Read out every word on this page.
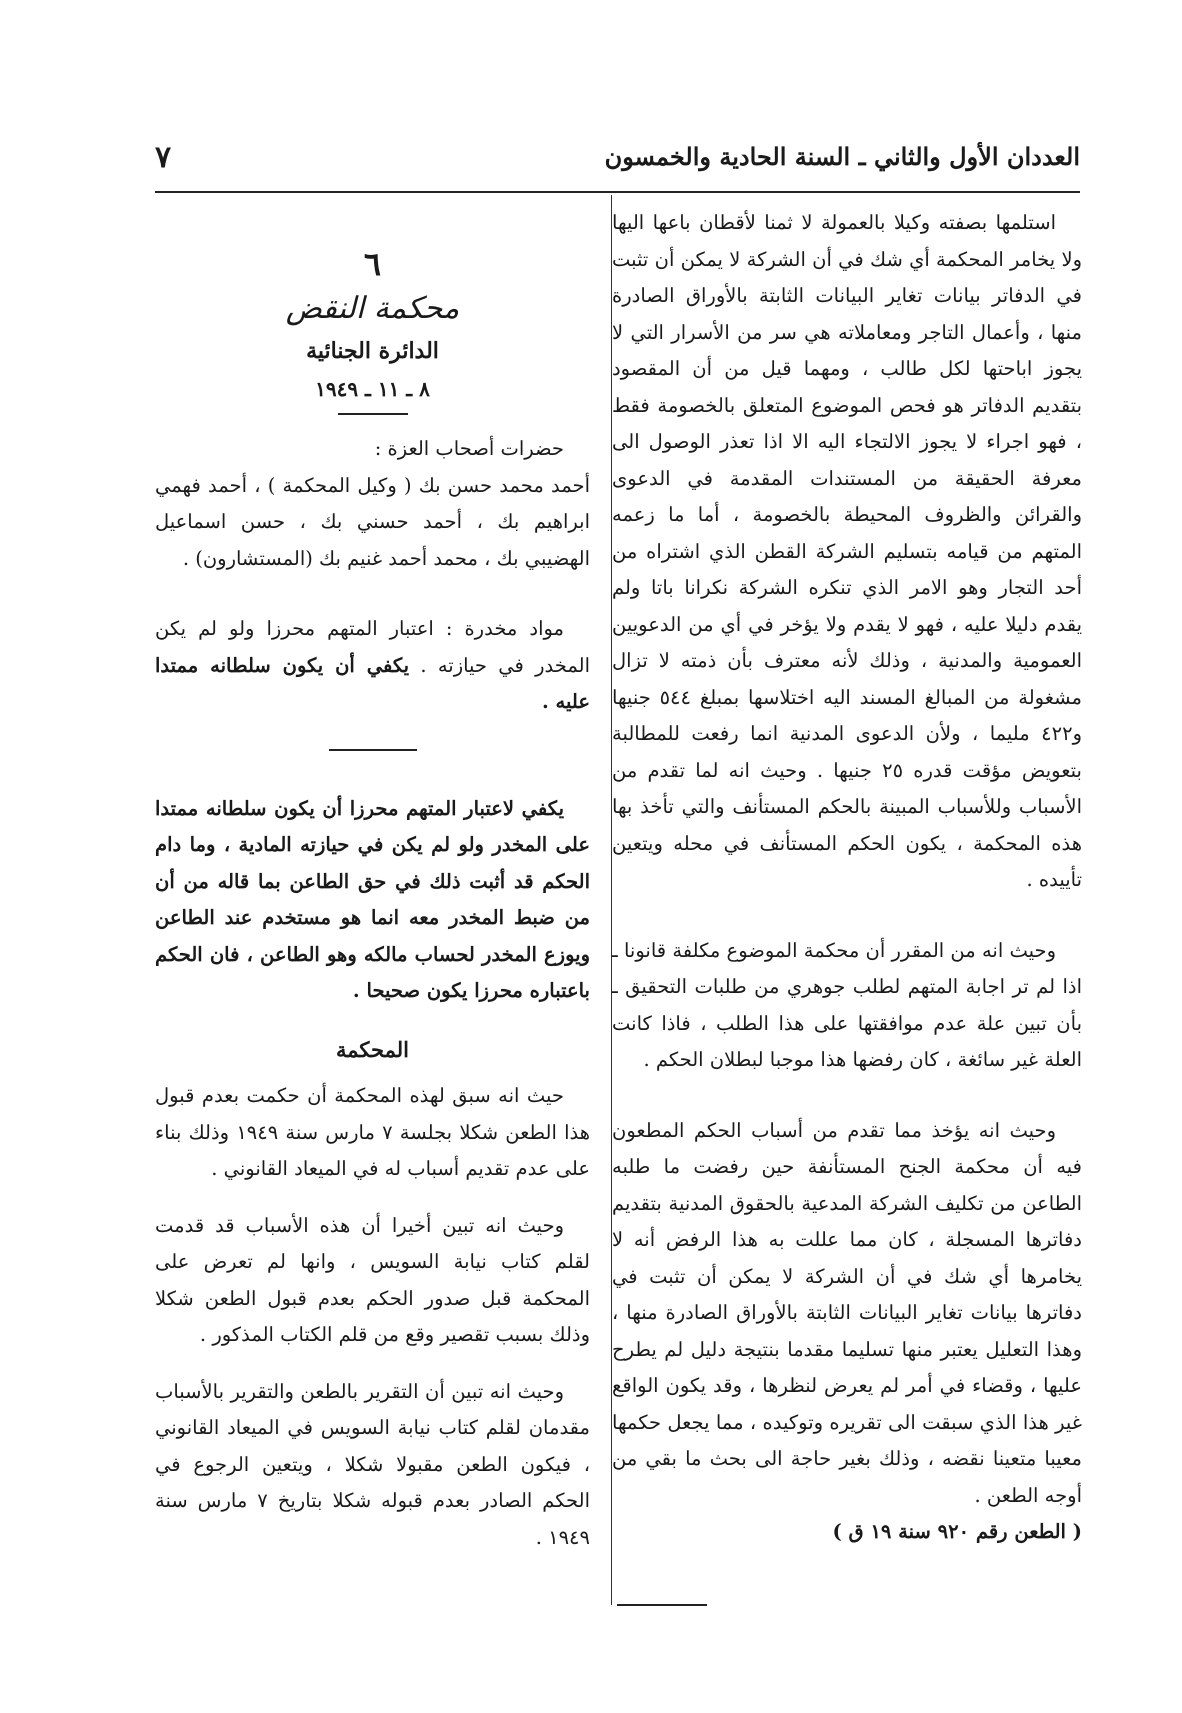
العددان الأول والثاني ـ السنة الحادية والخمسون
٧

استلمها بصفته وكيلا بالعمولة لا ثمنا لأقطان باعها اليها ولا يخامر المحكمة أي شك في أن الشركة لا يمكن أن تثبت في الدفاتر بيانات تغاير البيانات الثابتة بالأوراق الصادرة منها ، وأعمال التاجر ومعاملاته هي سر من الأسرار التي لا يجوز اباحتها لكل طالب ، ومهما قيل من أن المقصود بتقديم الدفاتر هو فحص الموضوع المتعلق بالخصومة فقط ، فهو اجراء لا يجوز الالتجاء اليه الا اذا تعذر الوصول الى معرفة الحقيقة من المستندات المقدمة في الدعوى والقرائن والظروف المحيطة بالخصومة ، أما ما زعمه المتهم من قيامه بتسليم الشركة القطن الذي اشتراه من أحد التجار وهو الامر الذي تنكره الشركة نكرانا باتا ولم يقدم دليلا عليه ، فهو لا يقدم ولا يؤخر في أي من الدعويين العمومية والمدنية ، وذلك لأنه معترف بأن ذمته لا تزال مشغولة من المبالغ المسند اليه اختلاسها بمبلغ ٥٤٤ جنيها و٤٢٢ مليما ، ولأن الدعوى المدنية انما رفعت للمطالبة بتعويض مؤقت قدره ٢٥ جنيها . وحيث انه لما تقدم من الأسباب وللأسباب المبينة بالحكم المستأنف والتي تأخذ بها هذه المحكمة ، يكون الحكم المستأنف في محله ويتعين تأييده .

وحيث انه من المقرر أن محكمة الموضوع مكلفة قانونا ـ اذا لم تر اجابة المتهم لطلب جوهري من طلبات التحقيق ـ بأن تبين علة عدم موافقتها على هذا الطلب ، فاذا كانت العلة غير سائغة ، كان رفضها هذا موجبا لبطلان الحكم .

وحيث انه يؤخذ مما تقدم من أسباب الحكم المطعون فيه أن محكمة الجنح المستأنفة حين رفضت ما طلبه الطاعن من تكليف الشركة المدعية بالحقوق المدنية بتقديم دفاترها المسجلة ، كان مما عللت به هذا الرفض أنه لا يخامرها أي شك في أن الشركة لا يمكن أن تثبت في دفاترها بيانات تغاير البيانات الثابتة بالأوراق الصادرة منها ، وهذا التعليل يعتبر منها تسليما مقدما بنتيجة دليل لم يطرح عليها ، وقضاء في أمر لم يعرض لنظرها ، وقد يكون الواقع غير هذا الذي سبقت الى تقريره وتوكيده ، مما يجعل حكمها معيبا متعينا نقضه ، وذلك بغير حاجة الى بحث ما بقي من أوجه الطعن .

( الطعن رقم ٩٢٠ سنة ١٩ ق )

٦
محكمة النقض
الدائرة الجنائية
٨ ـ ١١ ـ ١٩٤٩

حضرات أصحاب العزة :

أحمد محمد حسن بك ( وكيل المحكمة ) ، أحمد فهمي ابراهيم بك ، أحمد حسني بك ، حسن اسماعيل الهضيبي بك ، محمد أحمد غنيم بك (المستشارون) .

مواد مخدرة : اعتبار المتهم محرزا ولو لم يكن المخدر في حيازته . يكفي أن يكون سلطانه ممتدا عليه .

يكفي لاعتبار المتهم محرزا أن يكون سلطانه ممتدا على المخدر ولو لم يكن في حيازته المادية ، وما دام الحكم قد أثبت ذلك في حق الطاعن بما قاله من أن من ضبط المخدر معه انما هو مستخدم عند الطاعن ويوزع المخدر لحساب مالكه وهو الطاعن ، فان الحكم باعتباره محرزا يكون صحيحا .

المحكمة

حيث انه سبق لهذه المحكمة أن حكمت بعدم قبول هذا الطعن شكلا بجلسة ٧ مارس سنة ١٩٤٩ وذلك بناء على عدم تقديم أسباب له في الميعاد القانوني .

وحيث انه تبين أخيرا أن هذه الأسباب قد قدمت لقلم كتاب نيابة السويس ، وانها لم تعرض على المحكمة قبل صدور الحكم بعدم قبول الطعن شكلا وذلك بسبب تقصير وقع من قلم الكتاب المذكور .

وحيث انه تبين أن التقرير بالطعن والتقرير بالأسباب مقدمان لقلم كتاب نيابة السويس في الميعاد القانوني ، فيكون الطعن مقبولا شكلا ، ويتعين الرجوع في الحكم الصادر بعدم قبوله شكلا بتاريخ ٧ مارس سنة ١٩٤٩ .
